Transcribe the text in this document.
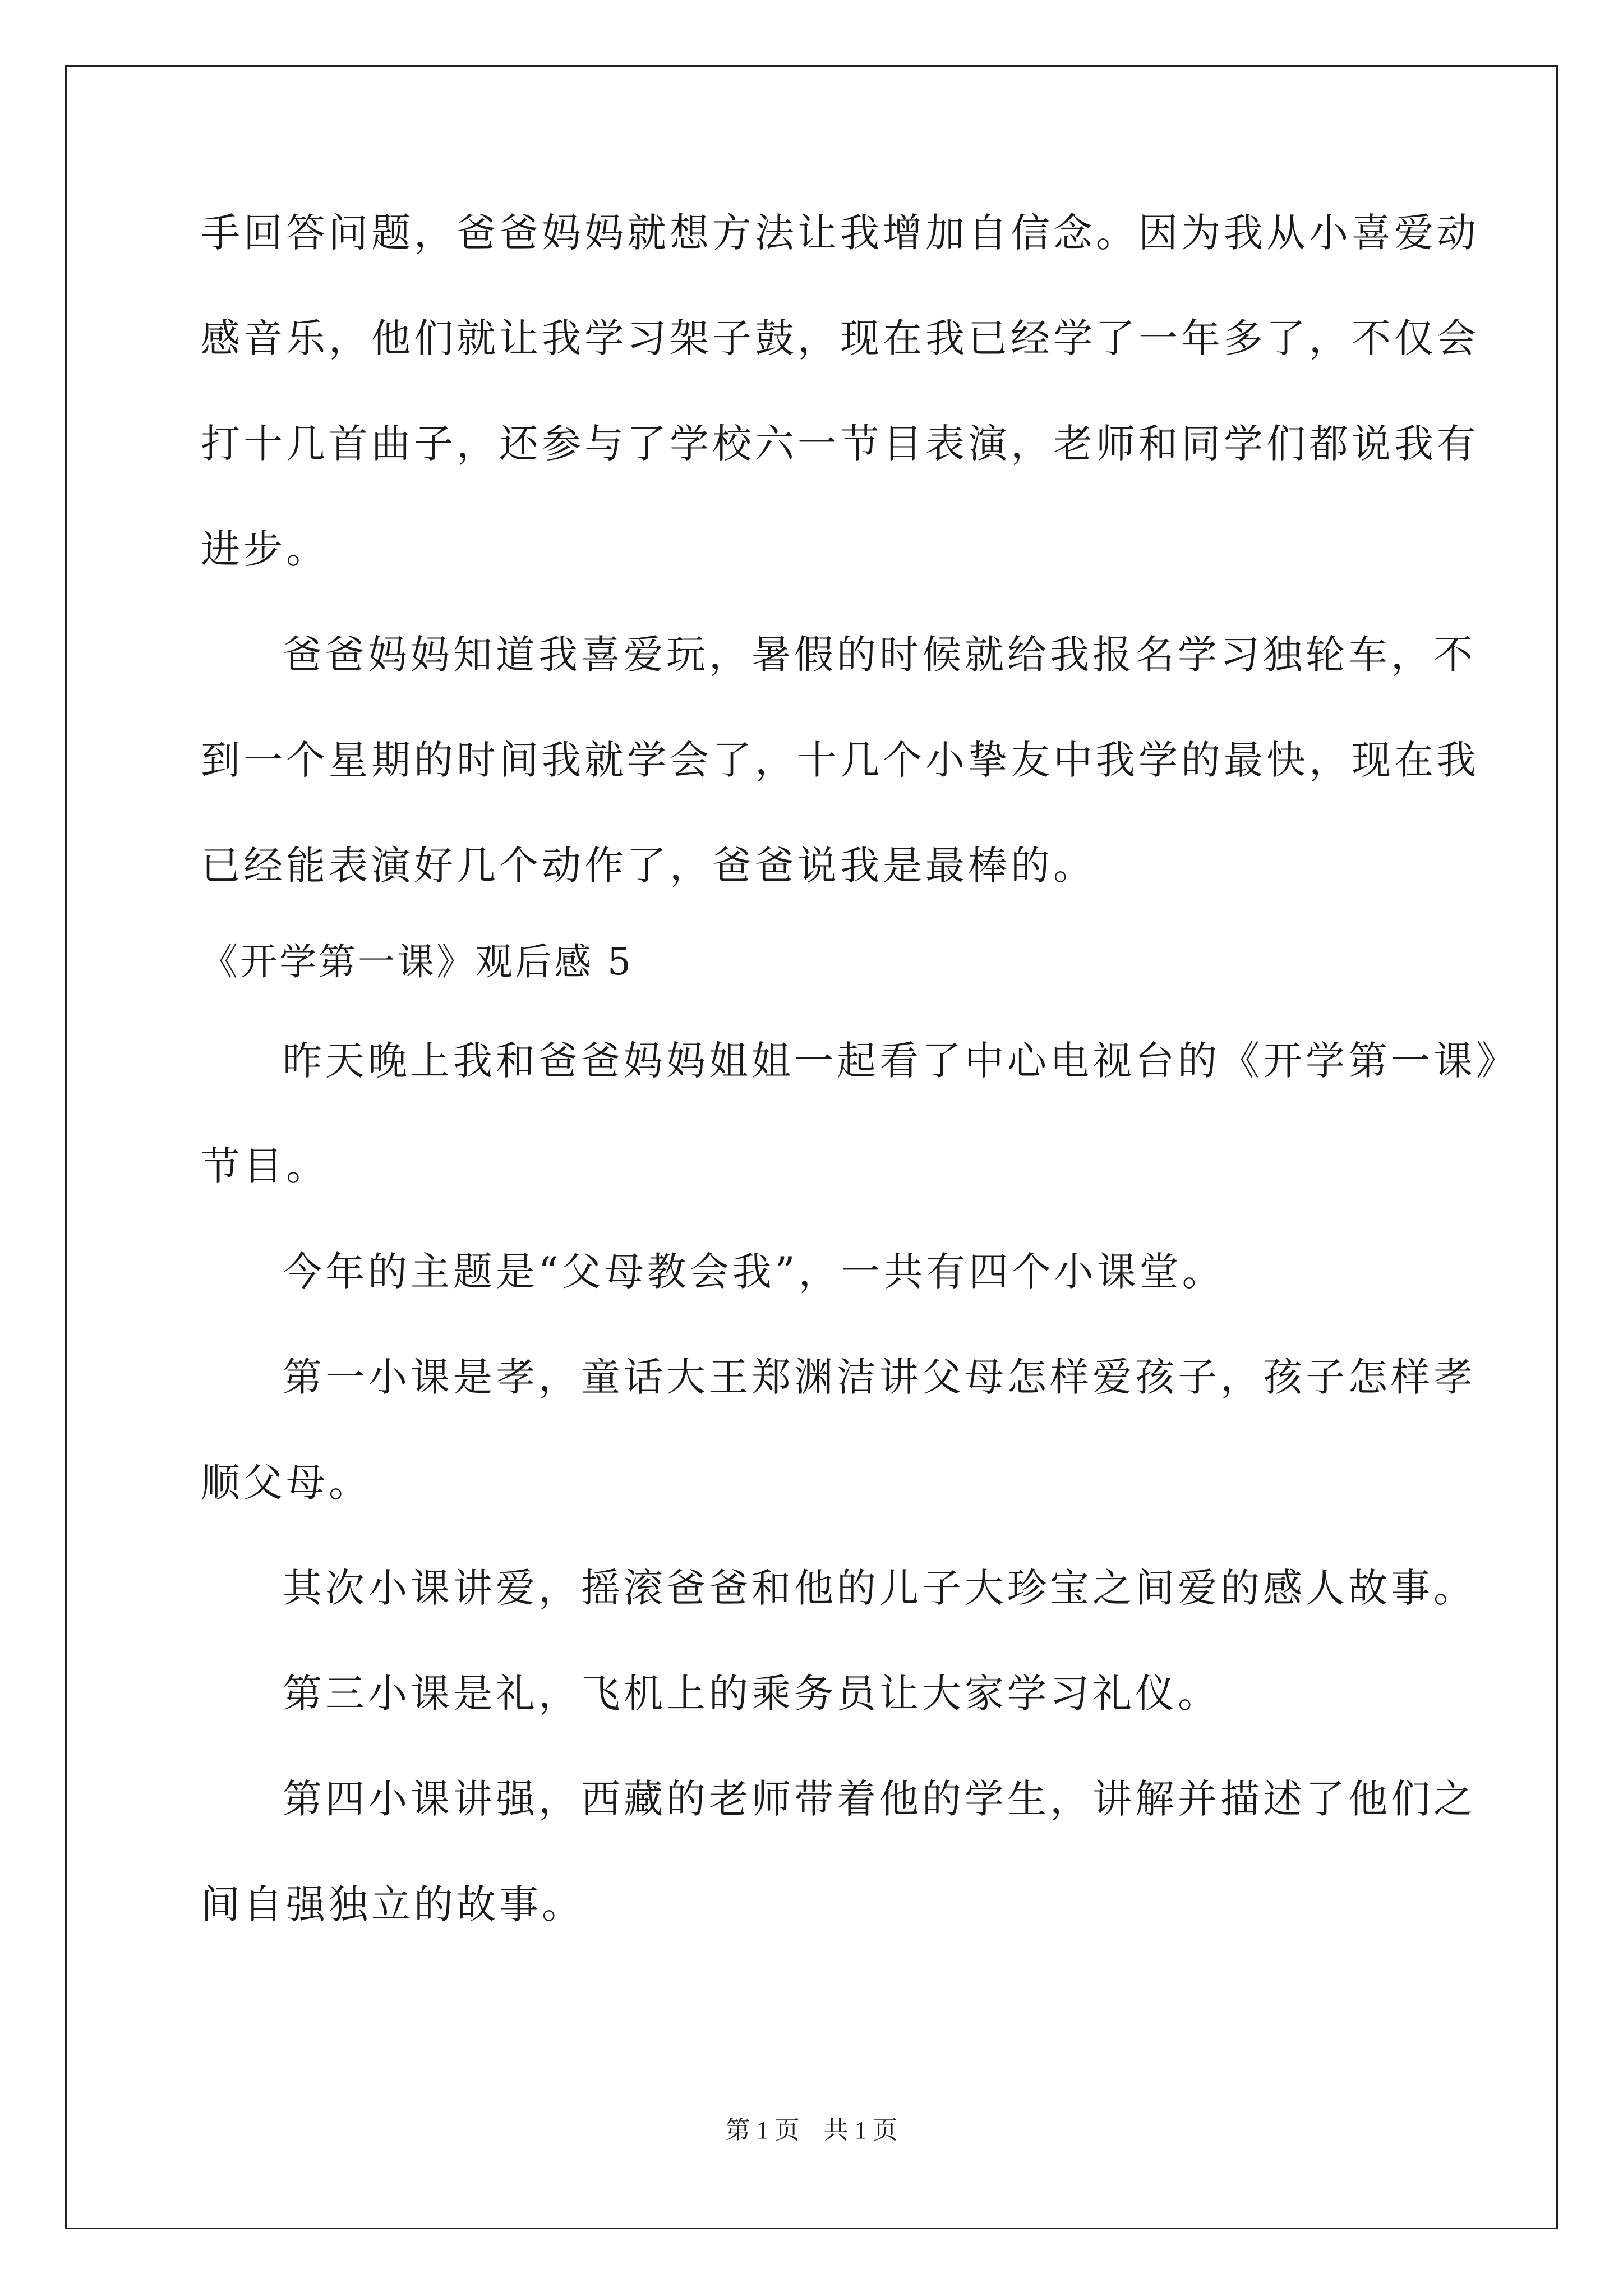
手回答问题，爸爸妈妈就想方法让我增加自信念。因为我从小喜爱动
感音乐，他们就让我学习架子鼓，现在我已经学了一年多了，不仅会
打十几首曲子，还参与了学校六一节目表演，老师和同学们都说我有
进步。
爸爸妈妈知道我喜爱玩，暑假的时候就给我报名学习独轮车，不
到一个星期的时间我就学会了，十几个小挚友中我学的最快，现在我
已经能表演好几个动作了，爸爸说我是最棒的。
《开学第一课》观后感 5
昨天晚上我和爸爸妈妈姐姐一起看了中心电视台的《开学第一课》
节目。
今年的主题是“父母教会我”，一共有四个小课堂。
第一小课是孝，童话大王郑渊洁讲父母怎样爱孩子，孩子怎样孝
顺父母。
其次小课讲爱，摇滚爸爸和他的儿子大珍宝之间爱的感人故事。
第三小课是礼，飞机上的乘务员让大家学习礼仪。
第四小课讲强，西藏的老师带着他的学生，讲解并描述了他们之
间自强独立的故事。
第 1 页 共 1 页
